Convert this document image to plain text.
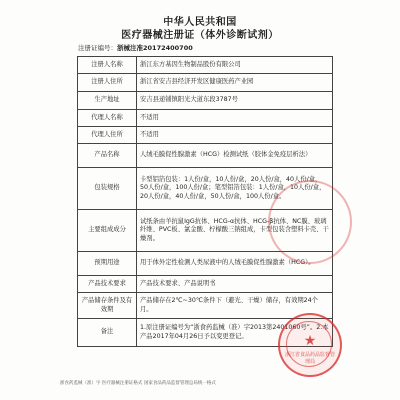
中华人民共和国
医疗器械注册证（体外诊断试剂）
注册证编号：浙械注准20172400700
注册人名称	浙江东方基因生物制品股份有限公司
注册人住所	浙江省安吉县经济开发区健康医药产业园
生产地址	安吉县递铺镇阳光大道东段3787号
代理人名称	不适用
代理人住所	不适用
产品名称	人绒毛膜促性腺激素（HCG）检测试纸（胶体金免疫层析法）
包装规格	卡型铝箔包装：1人份/盒，10人份/盒，20人份/盒，40人份/盒，50人份/盒，100人份/盒；笔型铝箔包装：1人份/盒，10人份/盒，20人份/盒，40人份/盒，50人份/盒，100人份/盒。
主要组成成分	试纸条由羊抗鼠IgG抗体、HCG-α抗体、HCG-β抗体、NC膜、玻璃纤维、PVC板、氯金酸、柠檬酸三钠组成，卡型包装含塑料卡壳、干燥剂。
预期用途	用于体外定性检测人类尿液中的人绒毛膜促性腺激素（HCG）。
产品技术要求	产品技术要求、产品说明书
产品储存条件及有效期	产品储存在2℃~30℃条件下（避光、干燥）储存，有效期24个月。
备注	1.原注册证编号为“浙食药监械（准）字2013第2401060号”。2.本产品2017年04月26日予以变更登记。	★
浙江省食品药品监督管理局
浙食药监械（准）字 医疗器械注册证格式 国家食品药品监督管理总局统一格式
